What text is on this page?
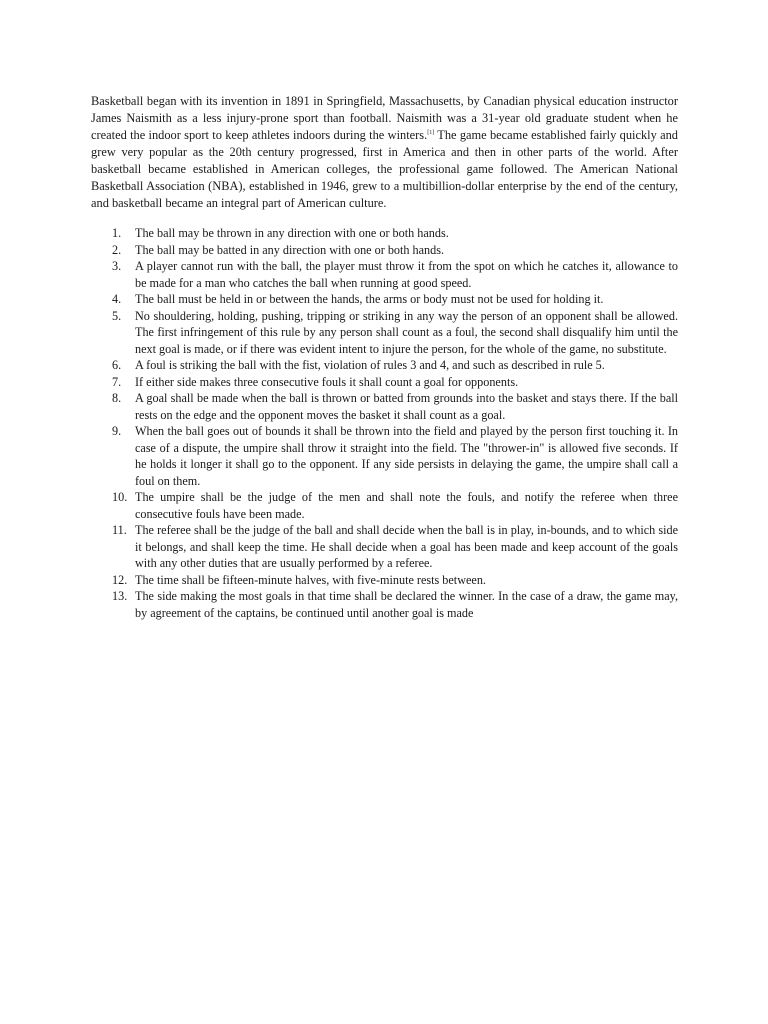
Basketball began with its invention in 1891 in Springfield, Massachusetts, by Canadian physical education instructor James Naismith as a less injury-prone sport than football. Naismith was a 31-year old graduate student when he created the indoor sport to keep athletes indoors during the winters.[1] The game became established fairly quickly and grew very popular as the 20th century progressed, first in America and then in other parts of the world. After basketball became established in American colleges, the professional game followed. The American National Basketball Association (NBA), established in 1946, grew to a multibillion-dollar enterprise by the end of the century, and basketball became an integral part of American culture.

1.	The ball may be thrown in any direction with one or both hands.
2.	The ball may be batted in any direction with one or both hands.
3.	A player cannot run with the ball, the player must throw it from the spot on which he catches it, allowance to be made for a man who catches the ball when running at good speed.
4.	The ball must be held in or between the hands, the arms or body must not be used for holding it.
5.	No shouldering, holding, pushing, tripping or striking in any way the person of an opponent shall be allowed. The first infringement of this rule by any person shall count as a foul, the second shall disqualify him until the next goal is made, or if there was evident intent to injure the person, for the whole of the game, no substitute.
6.	A foul is striking the ball with the fist, violation of rules 3 and 4, and such as described in rule 5.
7.	If either side makes three consecutive fouls it shall count a goal for opponents.
8.	A goal shall be made when the ball is thrown or batted from grounds into the basket and stays there. If the ball rests on the edge and the opponent moves the basket it shall count as a goal.
9.	When the ball goes out of bounds it shall be thrown into the field and played by the person first touching it. In case of a dispute, the umpire shall throw it straight into the field. The "thrower-in" is allowed five seconds. If he holds it longer it shall go to the opponent. If any side persists in delaying the game, the umpire shall call a foul on them.
10. The umpire shall be the judge of the men and shall note the fouls, and notify the referee when three consecutive fouls have been made.
11. The referee shall be the judge of the ball and shall decide when the ball is in play, in-bounds, and to which side it belongs, and shall keep the time. He shall decide when a goal has been made and keep account of the goals with any other duties that are usually performed by a referee.
12. The time shall be fifteen-minute halves, with five-minute rests between.
13. The side making the most goals in that time shall be declared the winner. In the case of a draw, the game may, by agreement of the captains, be continued until another goal is made
